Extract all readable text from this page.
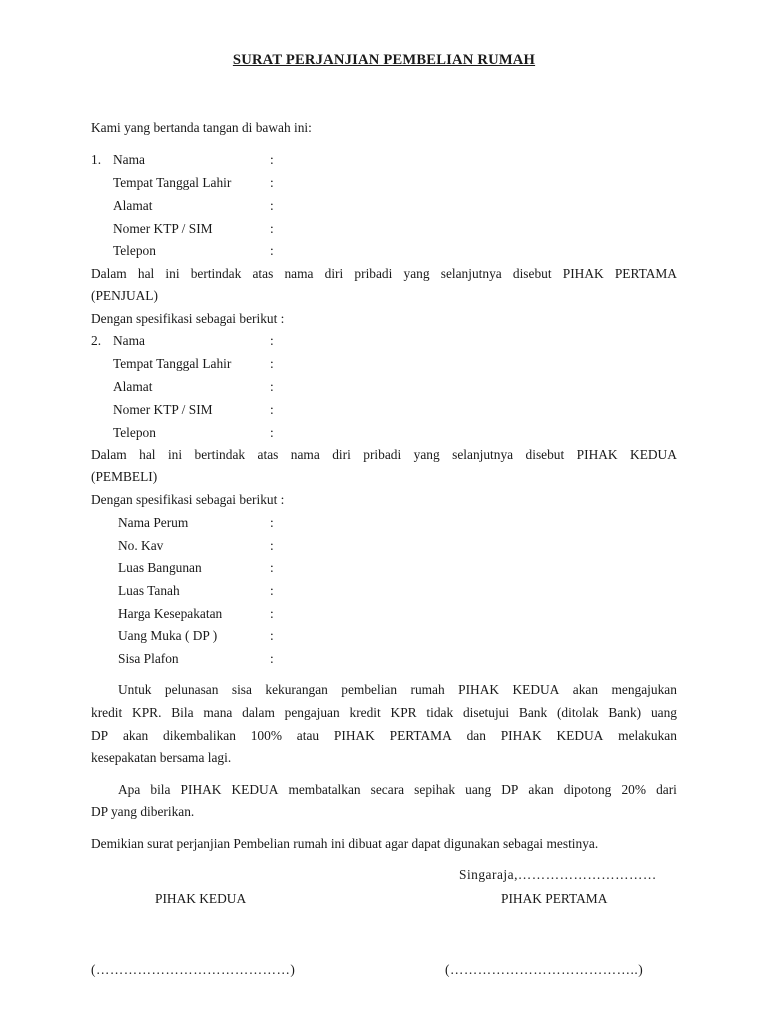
SURAT PERJANJIAN PEMBELIAN RUMAH
Kami yang bertanda tangan di bawah ini:
1. Nama	:
Tempat Tanggal Lahir	:
Alamat	:
Nomer KTP / SIM	:
Telepon	:
Dalam hal ini bertindak atas nama diri pribadi yang selanjutnya disebut PIHAK PERTAMA
(PENJUAL)
Dengan spesifikasi sebagai berikut :
2. Nama	:
Tempat Tanggal Lahir	:
Alamat	:
Nomer KTP / SIM	:
Telepon	:
Dalam hal ini bertindak atas nama diri pribadi yang selanjutnya disebut PIHAK KEDUA
(PEMBELI)
Dengan spesifikasi sebagai berikut :
Nama Perum	:
No. Kav	:
Luas Bangunan	:
Luas Tanah	:
Harga Kesepakatan	:
Uang Muka ( DP )	:
Sisa Plafon	:
Untuk pelunasan sisa kekurangan pembelian rumah PIHAK KEDUA akan mengajukan
kredit KPR. Bila mana dalam pengajuan kredit KPR tidak disetujui Bank (ditolak Bank) uang
DP akan dikembalikan 100% atau PIHAK PERTAMA dan PIHAK KEDUA melakukan
kesepakatan bersama lagi.
Apa bila PIHAK KEDUA membatalkan secara sepihak uang DP akan dipotong 20% dari
DP yang diberikan.
Demikian surat perjanjian Pembelian rumah ini dibuat agar dapat digunakan sebagai mestinya.
Singaraja,…………………………
PIHAK KEDUA	PIHAK PERTAMA
(……………………………………)	(…………………………………..)
